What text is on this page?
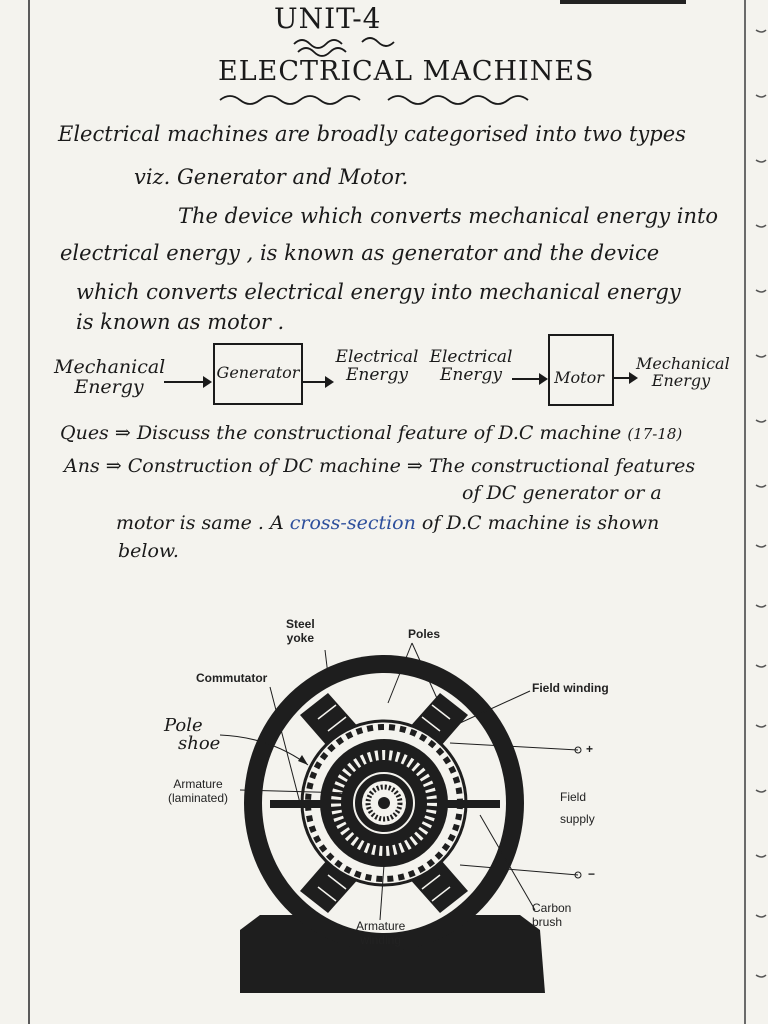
UNIT-4
ELECTRICAL MACHINES
Electrical machines are broadly categorised into two types
viz. Generator and Motor.
The device which converts mechanical energy into
electrical energy , is known as generator and the device
which converts electrical energy into mechanical energy
is known as motor .
Mechanical
Energy
Generator
Electrical
Energy
Electrical
Energy	Motor
Mechanical
Energy
Ques ⇒ Discuss the constructional feature of D.C machine (17-18)
Ans ⇒ Construction of DC machine ⇒ The constructional features
of DC generator or a
motor is same . A cross-section of D.C machine is shown
below.
Steel
yoke	Poles
Commutator
Field winding
Pole
shoe
Armature
(laminated)
+
Field
supply
−
Carbon
brush
Armature
winding
